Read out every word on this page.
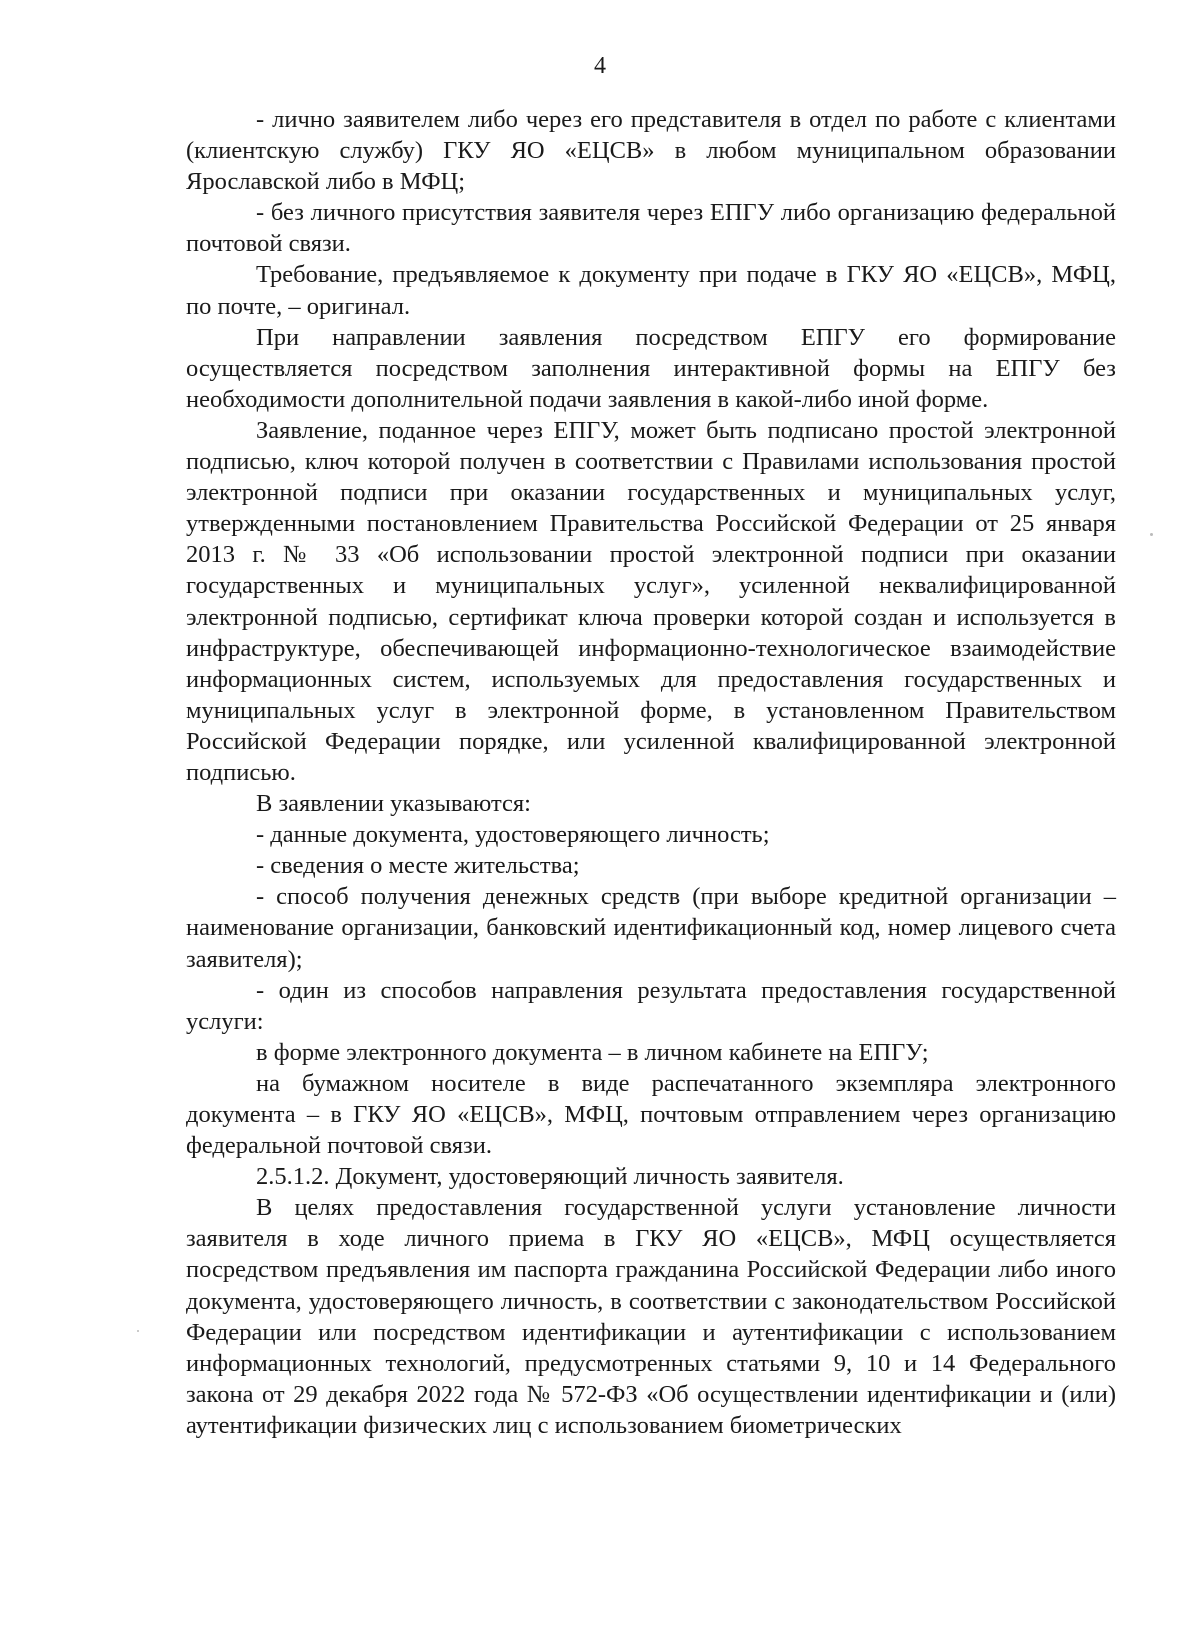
4

- лично заявителем либо через его представителя в отдел по работе с клиентами (клиентскую службу) ГКУ ЯО «ЕЦСВ» в любом муниципальном образовании Ярославской либо в МФЦ;

- без личного присутствия заявителя через ЕПГУ либо организацию федеральной почтовой связи.

Требование, предъявляемое к документу при подаче в ГКУ ЯО «ЕЦСВ», МФЦ, по почте, – оригинал.

При направлении заявления посредством ЕПГУ его формирование осуществляется посредством заполнения интерактивной формы на ЕПГУ без необходимости дополнительной подачи заявления в какой-либо иной форме.

Заявление, поданное через ЕПГУ, может быть подписано простой электронной подписью, ключ которой получен в соответствии с Правилами использования простой электронной подписи при оказании государственных и муниципальных услуг, утвержденными постановлением Правительства Российской Федерации от 25 января 2013 г. № 33 «Об использовании простой электронной подписи при оказании государственных и муниципальных услуг», усиленной неквалифицированной электронной подписью, сертификат ключа проверки которой создан и используется в инфраструктуре, обеспечивающей информационно-технологическое взаимодействие информационных систем, используемых для предоставления государственных и муниципальных услуг в электронной форме, в установленном Правительством Российской Федерации порядке, или усиленной квалифицированной электронной подписью.

В заявлении указываются:

- данные документа, удостоверяющего личность;

- сведения о месте жительства;

- способ получения денежных средств (при выборе кредитной организации – наименование организации, банковский идентификационный код, номер лицевого счета заявителя);

- один из способов направления результата предоставления государственной услуги:

в форме электронного документа – в личном кабинете на ЕПГУ;

на бумажном носителе в виде распечатанного экземпляра электронного документа – в ГКУ ЯО «ЕЦСВ», МФЦ, почтовым отправлением через организацию федеральной почтовой связи.

2.5.1.2. Документ, удостоверяющий личность заявителя.

В целях предоставления государственной услуги установление личности заявителя в ходе личного приема в ГКУ ЯО «ЕЦСВ», МФЦ осуществляется посредством предъявления им паспорта гражданина Российской Федерации либо иного документа, удостоверяющего личность, в соответствии с законодательством Российской Федерации или посредством идентификации и аутентификации с использованием информационных технологий, предусмотренных статьями 9, 10 и 14 Федерального закона от 29 декабря 2022 года № 572-ФЗ «Об осуществлении идентификации и (или) аутентификации физических лиц с использованием биометрических
